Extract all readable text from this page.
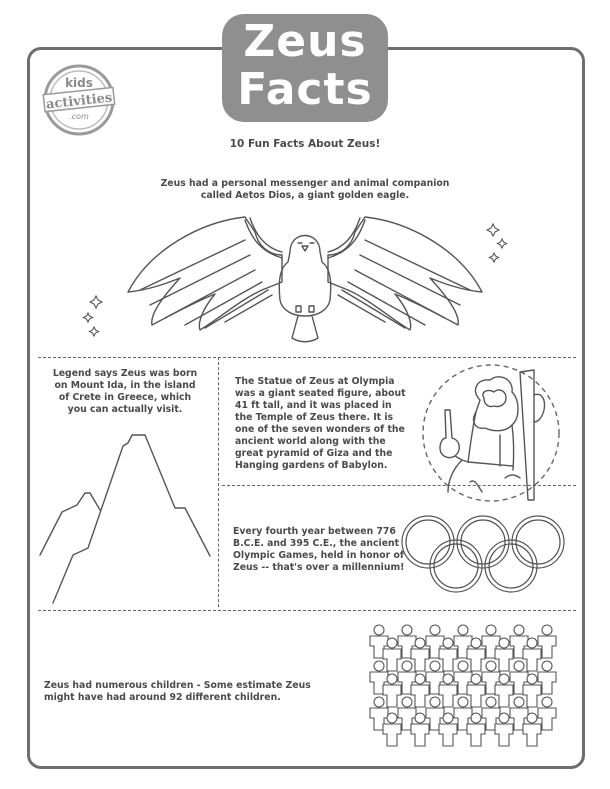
Zeus
Facts
kids
activities
.com
10 Fun Facts About Zeus!
Zeus had a personal messenger and animal companion called Aetos Dios, a giant golden eagle.
Legend says Zeus was born on Mount Ida, in the island of Crete in Greece, which you can actually visit.
The Statue of Zeus at Olympia was a giant seated figure, about 41 ft tall, and it was placed in the Temple of Zeus there. It is one of the seven wonders of the ancient world along with the great pyramid of Giza and the Hanging gardens of Babylon.
Every fourth year between 776 B.C.E. and 395 C.E., the ancient Olympic Games, held in honor of Zeus -- that's over a millennium!
Zeus had numerous children - Some estimate Zeus might have had around 92 different children.
